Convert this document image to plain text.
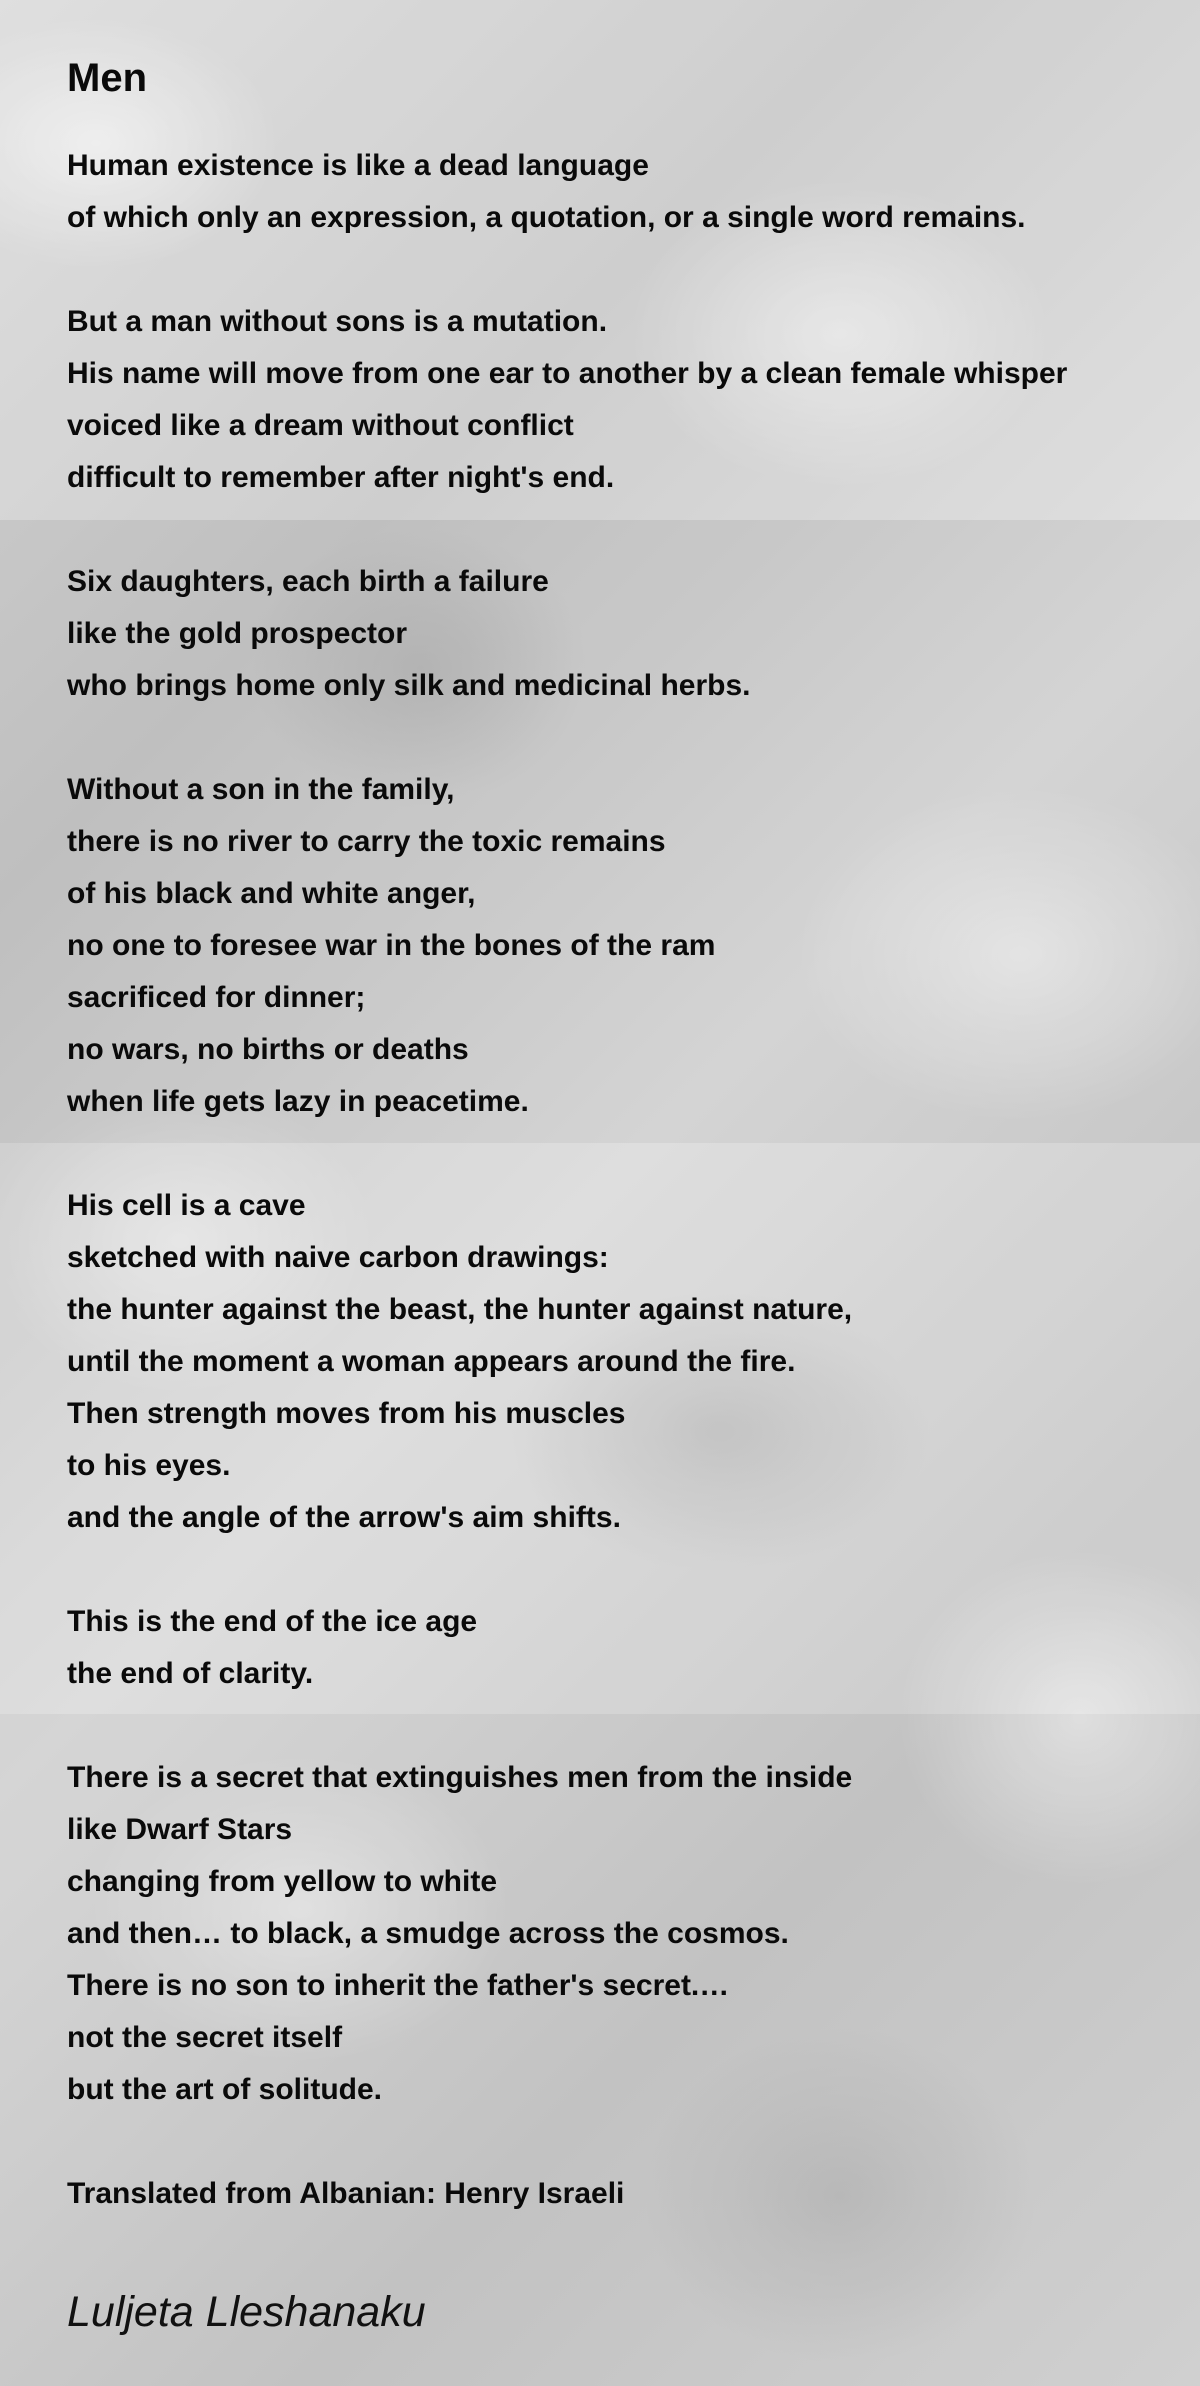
Men
Human existence is like a dead language
of which only an expression, a quotation, or a single word remains.
But a man without sons is a mutation.
His name will move from one ear to another by a clean female whisper
voiced like a dream without conflict
difficult to remember after night's end.
Six daughters, each birth a failure
like the gold prospector
who brings home only silk and medicinal herbs.
Without a son in the family,
there is no river to carry the toxic remains
of his black and white anger,
no one to foresee war in the bones of the ram
sacrificed for dinner;
no wars, no births or deaths
when life gets lazy in peacetime.
His cell is a cave
sketched with naive carbon drawings:
the hunter against the beast, the hunter against nature,
until the moment a woman appears around the fire.
Then strength moves from his muscles
to his eyes.
and the angle of the arrow's aim shifts.
This is the end of the ice age
the end of clarity.
There is a secret that extinguishes men from the inside
like Dwarf Stars
changing from yellow to white
and then… to black, a smudge across the cosmos.
There is no son to inherit the father's secret.…
not the secret itself
but the art of solitude.
Translated from Albanian: Henry Israeli
Luljeta Lleshanaku
